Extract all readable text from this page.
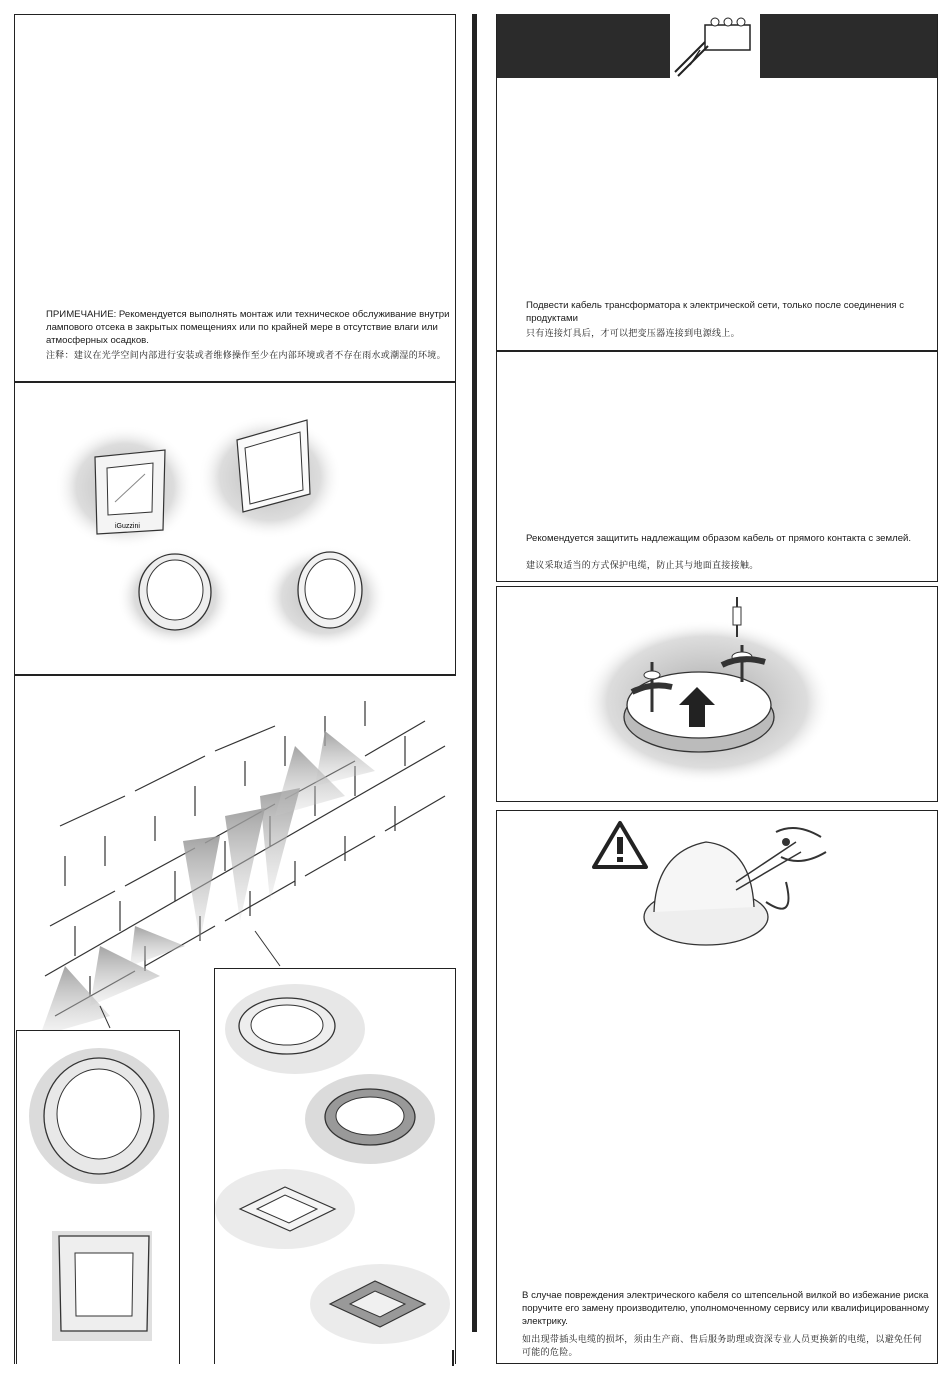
ПРИМЕЧАНИЕ: Рекомендуется выполнять монтаж или техническое обслуживание внутри лампового отсека в закрытых помещениях или по крайней мере в отсутствие влаги или атмосферных осадков.
注释：建议在光学空间内部进行安装或者维修操作至少在内部环境或者不存在雨水或潮湿的环境。
iGuzzini
Подвести кабель трансформатора к электрической сети, только после соединения с продуктами
只有连接灯具后，才可以把变压器连接到电源线上。
Рекомендуется защитить надлежащим образом кабель от прямого контакта с землей.
建议采取适当的方式保护电缆，防止其与地面直接接触。
В случае повреждения электрического кабеля со штепсельной вилкой во избежание риска поручите его замену производителю, уполномоченному сервису или квалифицированному электрику.
如出现带插头电缆的损坏，须由生产商、售后服务助理或资深专业人员更换新的电缆，以避免任何可能的危险。
